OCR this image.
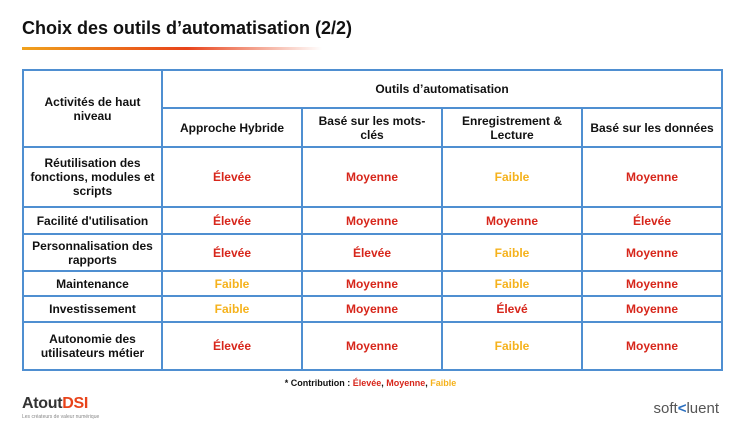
Choix des outils d’automatisation (2/2)
Activités de haut niveau	Outils d’automatisation			
	Approche Hybride	Basé sur les mots-clés	Enregistrement & Lecture	Basé sur les données
Réutilisation des fonctions, modules et scripts	Élevée	Moyenne	Faible	Moyenne
Facilité d'utilisation	Élevée	Moyenne	Moyenne	Élevée
Personnalisation des rapports	Élevée	Élevée	Faible	Moyenne
Maintenance	Faible	Moyenne	Faible	Moyenne
Investissement	Faible	Moyenne	Élevé	Moyenne
Autonomie des utilisateurs métier	Élevée	Moyenne	Faible	Moyenne
* Contribution : Élevée, Moyenne, Faible
AtoutDSI
Les créateurs de valeur numérique	soft<luent
